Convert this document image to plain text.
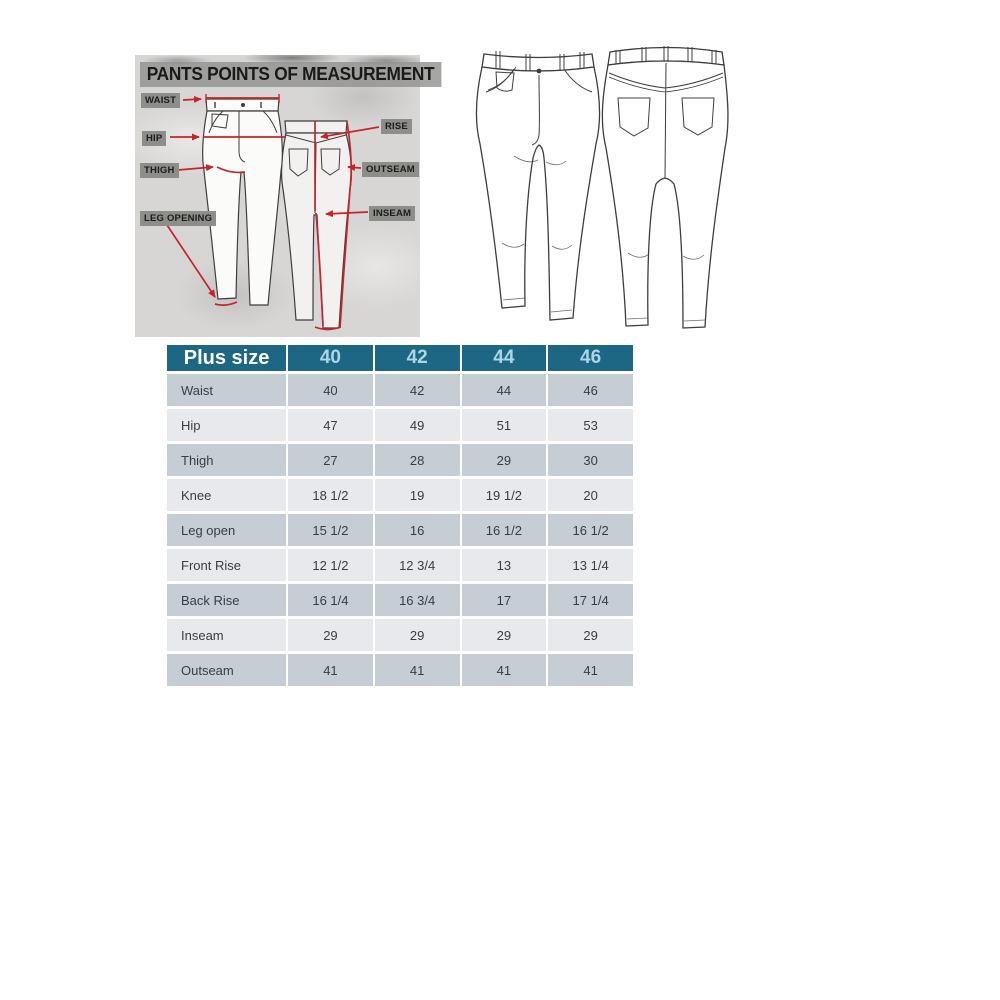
PANTS POINTS OF MEASUREMENT
WAIST
HIP
THIGH
LEG OPENING
RISE
OUTSEAM
INSEAM
Plus size	40	42	44	46
Waist	40	42	44	46
Hip	47	49	51	53
Thigh	27	28	29	30
Knee	18 1/2	19	19 1/2	20
Leg open	15 1/2	16	16 1/2	16 1/2
Front Rise	12 1/2	12 3/4	13	13 1/4
Back Rise	16 1/4	16 3/4	17	17 1/4
Inseam	29	29	29	29
Outseam	41	41	41	41
